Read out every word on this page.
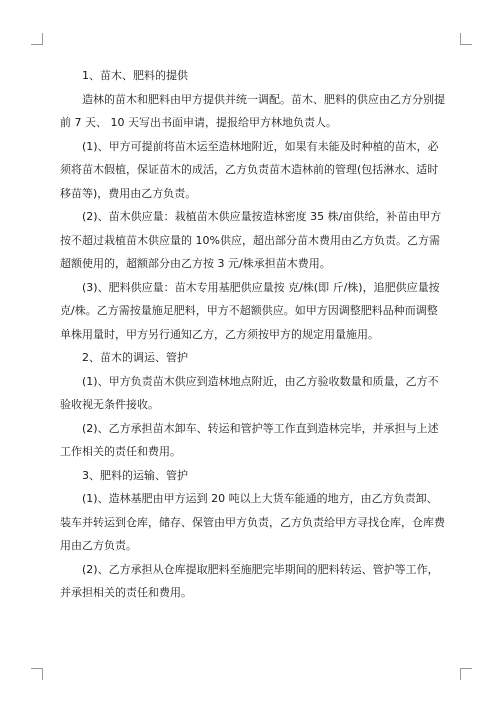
1、苗木、肥料的提供

造林的苗木和肥料由甲方提供并统一调配。苗木、肥料的供应由乙方分别提前 7 天、 10 天写出书面申请，提报给甲方林地负责人。

(1)、甲方可提前将苗木运至造林地附近，如果有未能及时种植的苗木，必须将苗木假植，保证苗木的成活，乙方负责苗木造林前的管理(包括淋水、适时移苗等)，费用由乙方负责。

(2)、苗木供应量：栽植苗木供应量按造林密度 35 株/亩供给，补苗由甲方按不超过栽植苗木供应量的 10%供应，超出部分苗木费用由乙方负责。乙方需超额使用的，超额部分由乙方按 3 元/株承担苗木费用。

(3)、肥料供应量：苗木专用基肥供应量按 克/株(即 斤/株)，追肥供应量按 克/株。乙方需按量施足肥料，甲方不超额供应。如甲方因调整肥料品种而调整单株用量时，甲方另行通知乙方，乙方须按甲方的规定用量施用。

2、苗木的调运、管护

(1)、甲方负责苗木供应到造林地点附近，由乙方验收数量和质量，乙方不验收视无条件接收。

(2)、乙方承担苗木卸车、转运和管护等工作直到造林完毕，并承担与上述工作相关的责任和费用。

3、肥料的运输、管护

(1)、造林基肥由甲方运到 20 吨以上大货车能通的地方，由乙方负责卸、装车并转运到仓库，储存、保管由甲方负责，乙方负责给甲方寻找仓库，仓库费用由乙方负责。

(2)、乙方承担从仓库提取肥料至施肥完毕期间的肥料转运、管护等工作，并承担相关的责任和费用。
